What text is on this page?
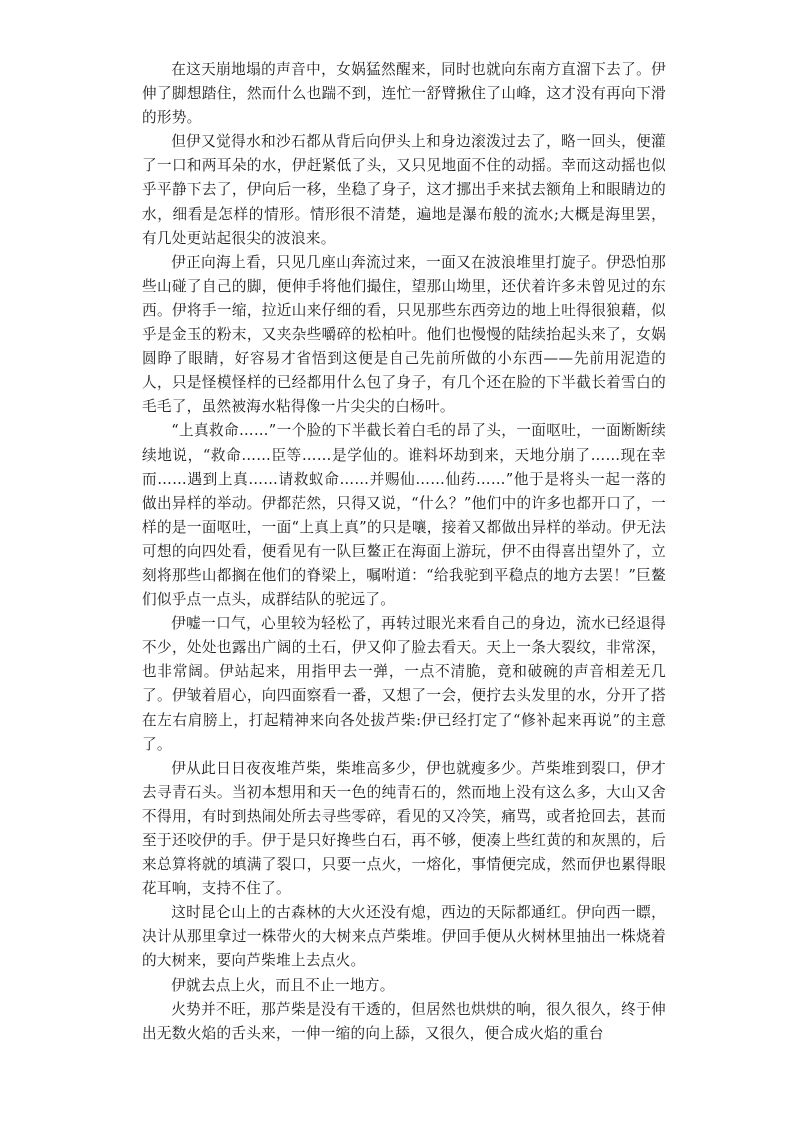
在这天崩地塌的声音中，女娲猛然醒来，同时也就向东南方直溜下去了。伊伸了脚想踏住，然而什么也踹不到，连忙一舒臂揪住了山峰，这才没有再向下滑的形势。

但伊又觉得水和沙石都从背后向伊头上和身边滚泼过去了，略一回头，便灌了一口和两耳朵的水，伊赶紧低了头，又只见地面不住的动摇。幸而这动摇也似乎平静下去了，伊向后一移，坐稳了身子，这才挪出手来拭去额角上和眼睛边的水，细看是怎样的情形。情形很不清楚，遍地是瀑布般的流水;大概是海里罢，有几处更站起很尖的波浪来。

伊正向海上看，只见几座山奔流过来，一面又在波浪堆里打旋子。伊恐怕那些山碰了自己的脚，便伸手将他们撮住，望那山坳里，还伏着许多未曾见过的东西。伊将手一缩，拉近山来仔细的看，只见那些东西旁边的地上吐得很狼藉，似乎是金玉的粉末，又夹杂些嚼碎的松柏叶。他们也慢慢的陆续抬起头来了，女娲圆睁了眼睛，好容易才省悟到这便是自己先前所做的小东西——先前用泥造的人，只是怪模怪样的已经都用什么包了身子，有几个还在脸的下半截长着雪白的毛毛了，虽然被海水粘得像一片尖尖的白杨叶。

“上真救命……”一个脸的下半截长着白毛的昂了头，一面呕吐，一面断断续续地说，“救命……臣等……是学仙的。谁料坏劫到来，天地分崩了……现在幸而……遇到上真……请救蚁命……并赐仙……仙药……”他于是将头一起一落的做出异样的举动。伊都茫然，只得又说，“什么？”他们中的许多也都开口了，一样的是一面呕吐，一面“上真上真”的只是嚷，接着又都做出异样的举动。伊无法可想的向四处看，便看见有一队巨鳌正在海面上游玩，伊不由得喜出望外了，立刻将那些山都搁在他们的脊梁上，嘱咐道：“给我驼到平稳点的地方去罢！”巨鳌们似乎点一点头，成群结队的驼远了。

伊嘘一口气，心里较为轻松了，再转过眼光来看自己的身边，流水已经退得不少，处处也露出广阔的土石，伊又仰了脸去看天。天上一条大裂纹，非常深，也非常阔。伊站起来，用指甲去一弹，一点不清脆，竟和破碗的声音相差无几了。伊皱着眉心，向四面察看一番，又想了一会，便拧去头发里的水，分开了搭在左右肩膀上，打起精神来向各处拔芦柴:伊已经打定了“修补起来再说”的主意了。

伊从此日日夜夜堆芦柴，柴堆高多少，伊也就瘦多少。芦柴堆到裂口，伊才去寻青石头。当初本想用和天一色的纯青石的，然而地上没有这么多，大山又舍不得用，有时到热闹处所去寻些零碎，看见的又冷笑，痛骂，或者抢回去，甚而至于还咬伊的手。伊于是只好搀些白石，再不够，便凑上些红黄的和灰黑的，后来总算将就的填满了裂口，只要一点火，一熔化，事情便完成，然而伊也累得眼花耳响，支持不住了。

这时昆仑山上的古森林的大火还没有熄，西边的天际都通红。伊向西一瞟，决计从那里拿过一株带火的大树来点芦柴堆。伊回手便从火树林里抽出一株烧着的大树来，要向芦柴堆上去点火。

伊就去点上火，而且不止一地方。

火势并不旺，那芦柴是没有干透的，但居然也烘烘的响，很久很久，终于伸出无数火焰的舌头来，一伸一缩的向上舔，又很久，便合成火焰的重台
